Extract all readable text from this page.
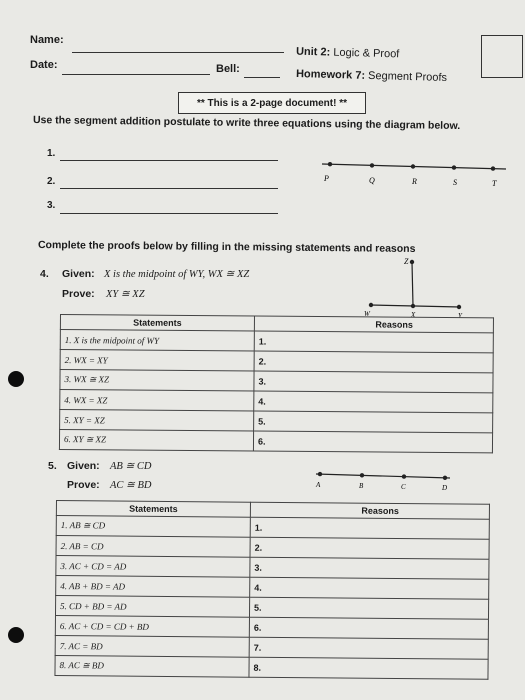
Name:
Date:	Bell:
Unit 2: Logic & Proof
Homework 7: Segment Proofs
** This is a 2-page document! **
Use the segment addition postulate to write three equations using the diagram below.
1.
2.
3.
P	Q	R	S	T
Complete the proofs below by filling in the missing statements and reasons
4. Given: X is the midpoint of WY, WX ≅ XZ
Prove: XY ≅ XZ
Z
W	X	Y
Statements	Reasons
1. X is the midpoint of WY	1.
2. WX = XY	2.
3. WX ≅ XZ	3.
4. WX = XZ	4.
5. XY = XZ	5.
6. XY ≅ XZ	6.
5. Given: AB ≅ CD
Prove: AC ≅ BD	A	B	C	D
Statements	Reasons
1. AB ≅ CD	1.
2. AB = CD	2.
3. AC + CD = AD	3.
4. AB + BD = AD	4.
5. CD + BD = AD	5.
6. AC + CD = CD + BD	6.
7. AC = BD	7.
8. AC ≅ BD	8.
